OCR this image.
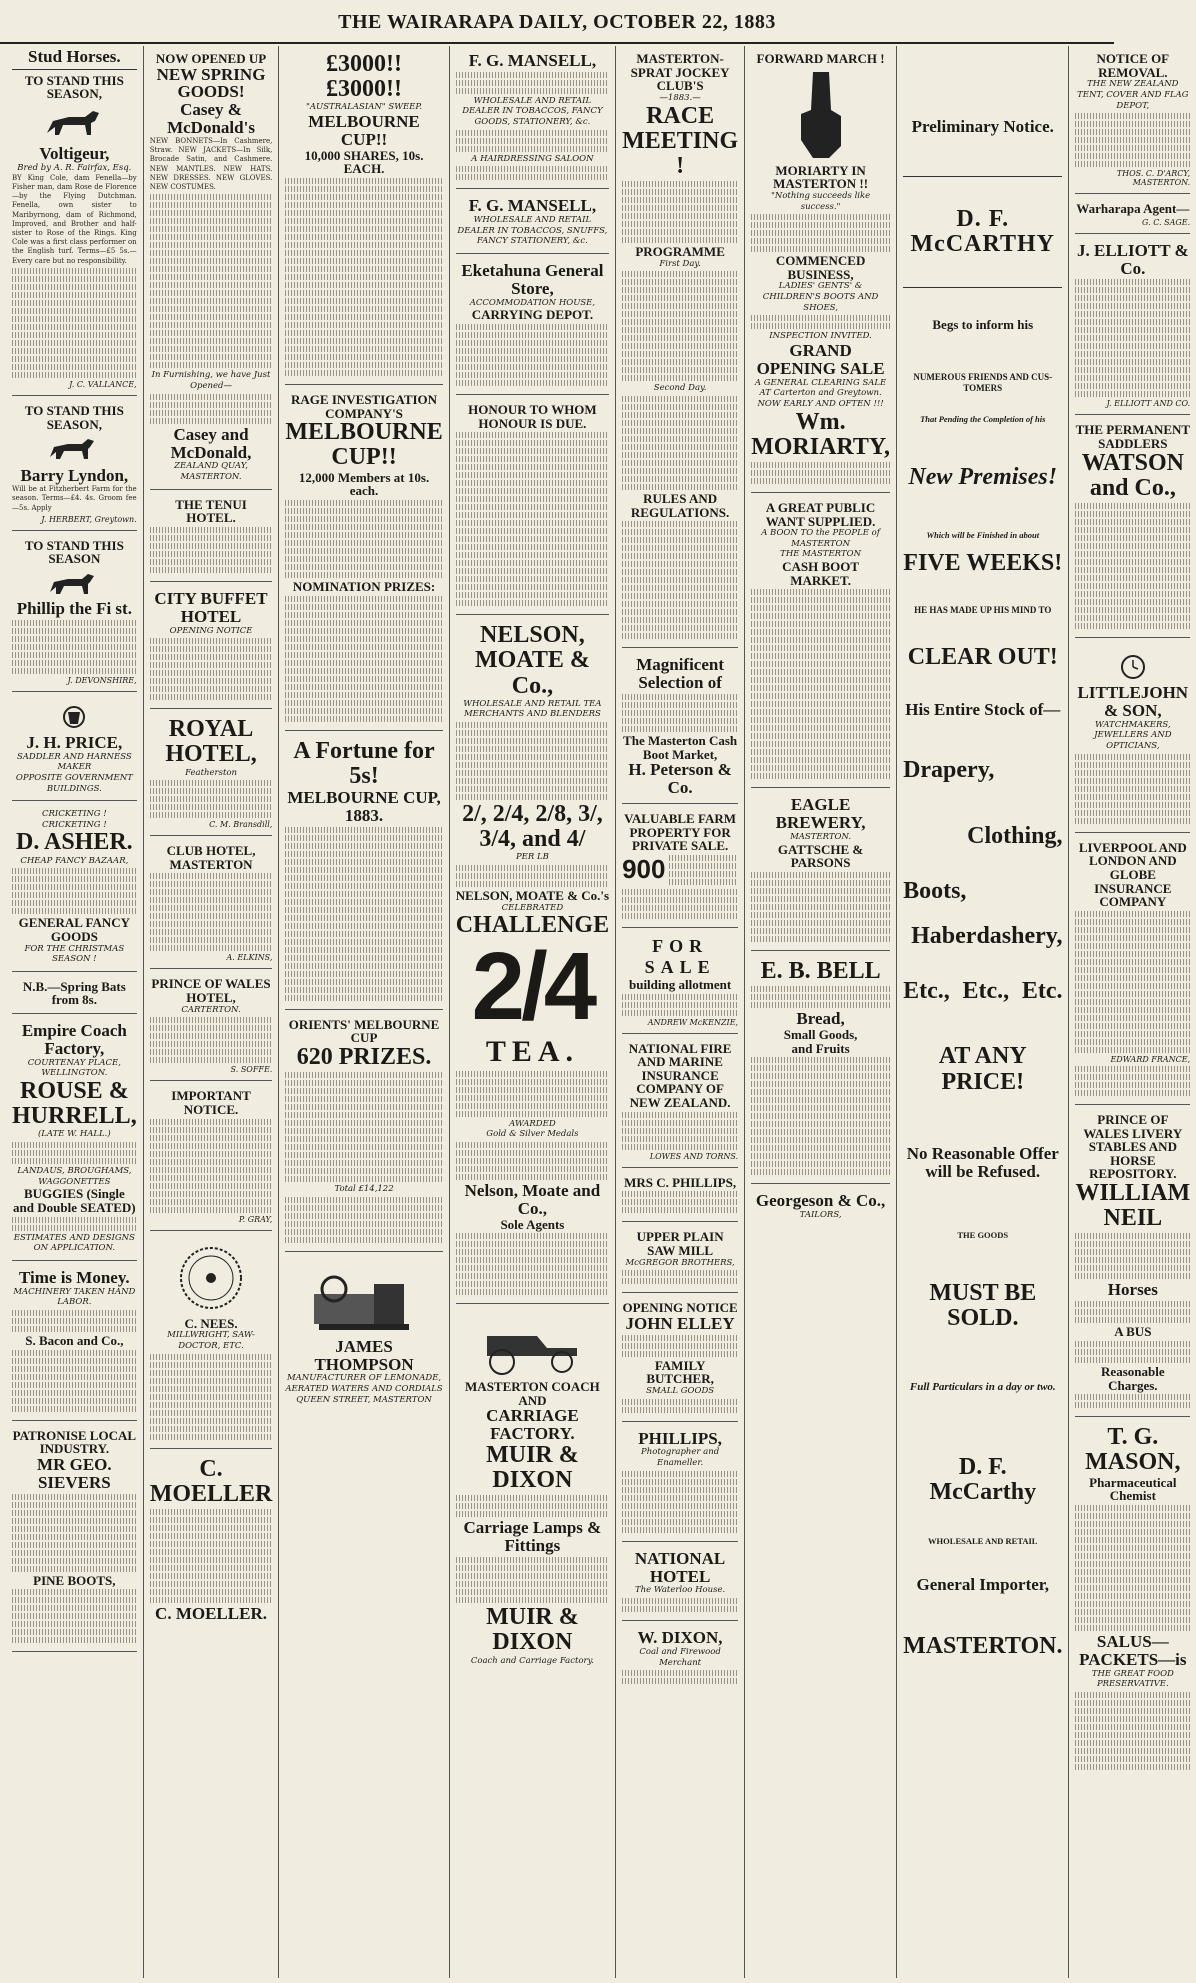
THE WAIRARAPA DAILY, OCTOBER 22, 1883
Stud Horses.
TO STAND THIS SEASON,
Voltigeur,
Bred by A. R. Fairfax, Esq.
BY King Cole, dam Fenella—by Fisher man, dam Rose de Florence—by the Flying Dutchman. Fenella, own sister to Maribyrnong, dam of Richmond, Improved, and Brother and half-sister to Rose of the Rings. King Cole was a first class performer on the English turf. Terms—£5 5s.—Every care but no responsibility.
J. C. VALLANCE,
TO STAND THIS SEASON,
Barry Lyndon,
Will be at Fitzherbert Farm for the season. Terms—£4. 4s. Groom fee—5s. Apply
J. HERBERT, Greytown.
TO STAND THIS SEASON
Phillip the Fi st.
J. DEVONSHIRE,
J. H. PRICE,
SADDLER AND HARNESS MAKER
OPPOSITE GOVERNMENT BUILDINGS.
CRICKETING ! CRICKETING !
D. ASHER.
CHEAP FANCY BAZAAR,
GENERAL FANCY GOODS
FOR THE CHRISTMAS SEASON !
N.B.—Spring Bats from 8s.
Empire Coach Factory,
COURTENAY PLACE, WELLINGTON.
ROUSE & HURRELL,
(LATE W. HALL.)
LANDAUS, BROUGHAMS, WAGGONETTES
BUGGIES (Single and Double SEATED)
ESTIMATES AND DESIGNS ON APPLICATION.
Time is Money.
MACHINERY TAKEN HAND LABOR.
S. Bacon and Co.,
PATRONISE LOCAL INDUSTRY.
MR GEO. SIEVERS
PINE BOOTS,
NOW OPENED UP
NEW SPRING GOODS!
Casey & McDonald's
NEW BONNETS—In Cashmere, Straw. NEW JACKETS—In Silk, Brocade Satin, and Cashmere. NEW MANTLES. NEW HATS. NEW DRESSES. NEW GLOVES. NEW COSTUMES.
In Furnishing, we have Just Opened—
Casey and McDonald,
ZEALAND QUAY, MASTERTON.
THE TENUI HOTEL.
CITY BUFFET HOTEL
OPENING NOTICE
ROYAL HOTEL,
Featherston
C. M. Bransdill,
CLUB HOTEL, MASTERTON
A. ELKINS,
PRINCE OF WALES HOTEL,
CARTERTON.
S. SOFFE.
IMPORTANT NOTICE.
P. GRAY,
C. NEES.
MILLWRIGHT, SAW-DOCTOR, ETC.
C. MOELLER
C. MOELLER.
£3000!! £3000!!
"AUSTRALASIAN" SWEEP.
MELBOURNE CUP!!
10,000 SHARES, 10s. EACH.
RAGE INVESTIGATION COMPANY'S
MELBOURNE CUP!!
12,000 Members at 10s. each.
NOMINATION PRIZES:
A Fortune for 5s!
MELBOURNE CUP, 1883.
ORIENTS' MELBOURNE CUP
620 PRIZES.
Total £14,122
JAMES THOMPSON
MANUFACTURER OF LEMONADE,
AERATED WATERS AND CORDIALS
QUEEN STREET, MASTERTON
F. G. MANSELL,
WHOLESALE AND RETAIL DEALER IN TOBACCOS, FANCY GOODS, STATIONERY, &c.
A HAIRDRESSING SALOON
F. G. MANSELL,
WHOLESALE AND RETAIL DEALER IN TOBACCOS, SNUFFS, FANCY STATIONERY, &c.
Eketahuna General Store,
ACCOMMODATION HOUSE,
CARRYING DEPOT.
HONOUR TO WHOM HONOUR IS DUE.
NELSON, MOATE & Co.,
WHOLESALE AND RETAIL TEA MERCHANTS AND BLENDERS
2/, 2/4, 2/8, 3/, 3/4, and 4/
PER LB
NELSON, MOATE & Co.'s
CELEBRATED
CHALLENGE
2/4
TEA.
AWARDED
Gold & Silver Medals
Nelson, Moate and Co.,
Sole Agents
MASTERTON COACH AND
CARRIAGE FACTORY.
MUIR & DIXON
Carriage Lamps & Fittings
MUIR & DIXON
Coach and Carriage Factory.
MASTERTON-SPRAT JOCKEY CLUB'S
—1883.—
RACE MEETING !
PROGRAMME
First Day.
Second Day.
RULES AND REGULATIONS.
Magnificent Selection of
The Masterton Cash Boot Market,
H. Peterson & Co.
VALUABLE FARM PROPERTY FOR PRIVATE SALE.
900
FOR SALE
building allotment
ANDREW McKENZIE,
NATIONAL FIRE AND MARINE INSURANCE COMPANY OF NEW ZEALAND.
LOWES AND TORNS.
MRS C. PHILLIPS,
UPPER PLAIN SAW MILL
McGREGOR BROTHERS,
OPENING NOTICE
JOHN ELLEY
FAMILY BUTCHER,
SMALL GOODS
PHILLIPS,
Photographer and Enameller.
NATIONAL HOTEL
The Waterloo House.
W. DIXON,
Coal and Firewood Merchant
FORWARD MARCH !
MORIARTY IN MASTERTON !!
"Nothing succeeds like success."
COMMENCED BUSINESS,
LADIES' GENTS' & CHILDREN'S BOOTS AND SHOES,
INSPECTION INVITED.
GRAND OPENING SALE
A GENERAL CLEARING SALE AT Carterton and Greytown.
NOW EARLY AND OFTEN !!!
Wm. MORIARTY,
A GREAT PUBLIC WANT SUPPLIED.
A BOON TO the PEOPLE of MASTERTON
THE MASTERTON
CASH BOOT MARKET.
EAGLE BREWERY,
MASTERTON.
GATTSCHE & PARSONS
E. B. BELL
Bread,
Small Goods,
and Fruits
Georgeson & Co.,
TAILORS,
Preliminary Notice.
D. F. McCARTHY
Begs to inform his
NUMEROUS FRIENDS AND CUS-TOMERS
That Pending the Completion of his
New Premises!
Which will be Finished in about
FIVE WEEKS!
HE HAS MADE UP HIS MIND TO
CLEAR OUT!
His Entire Stock of—
Drapery,
Clothing,
Boots,
Haberdashery,
Etc., Etc., Etc.
AT ANY PRICE!
No Reasonable Offer will be Refused.
THE GOODS
MUST BE SOLD.
Full Particulars in a day or two.
D. F. McCarthy
WHOLESALE AND RETAIL
General Importer,
MASTERTON.
NOTICE OF REMOVAL.
THE NEW ZEALAND TENT, COVER AND FLAG DEPOT,
THOS. C. D'ARCY, MASTERTON.
Warharapa Agent—
G. C. SAGE.
J. ELLIOTT & Co.
J. ELLIOTT AND CO.
THE PERMANENT SADDLERS
WATSON and Co.,
LITTLEJOHN & SON,
WATCHMAKERS, JEWELLERS AND OPTICIANS,
LIVERPOOL AND LONDON AND GLOBE INSURANCE COMPANY
EDWARD FRANCE,
PRINCE OF WALES LIVERY STABLES AND HORSE REPOSITORY.
WILLIAM NEIL
Horses
A BUS
Reasonable Charges.
T. G. MASON,
Pharmaceutical Chemist
SALUS—PACKETS—is
THE GREAT FOOD PRESERVATIVE.
